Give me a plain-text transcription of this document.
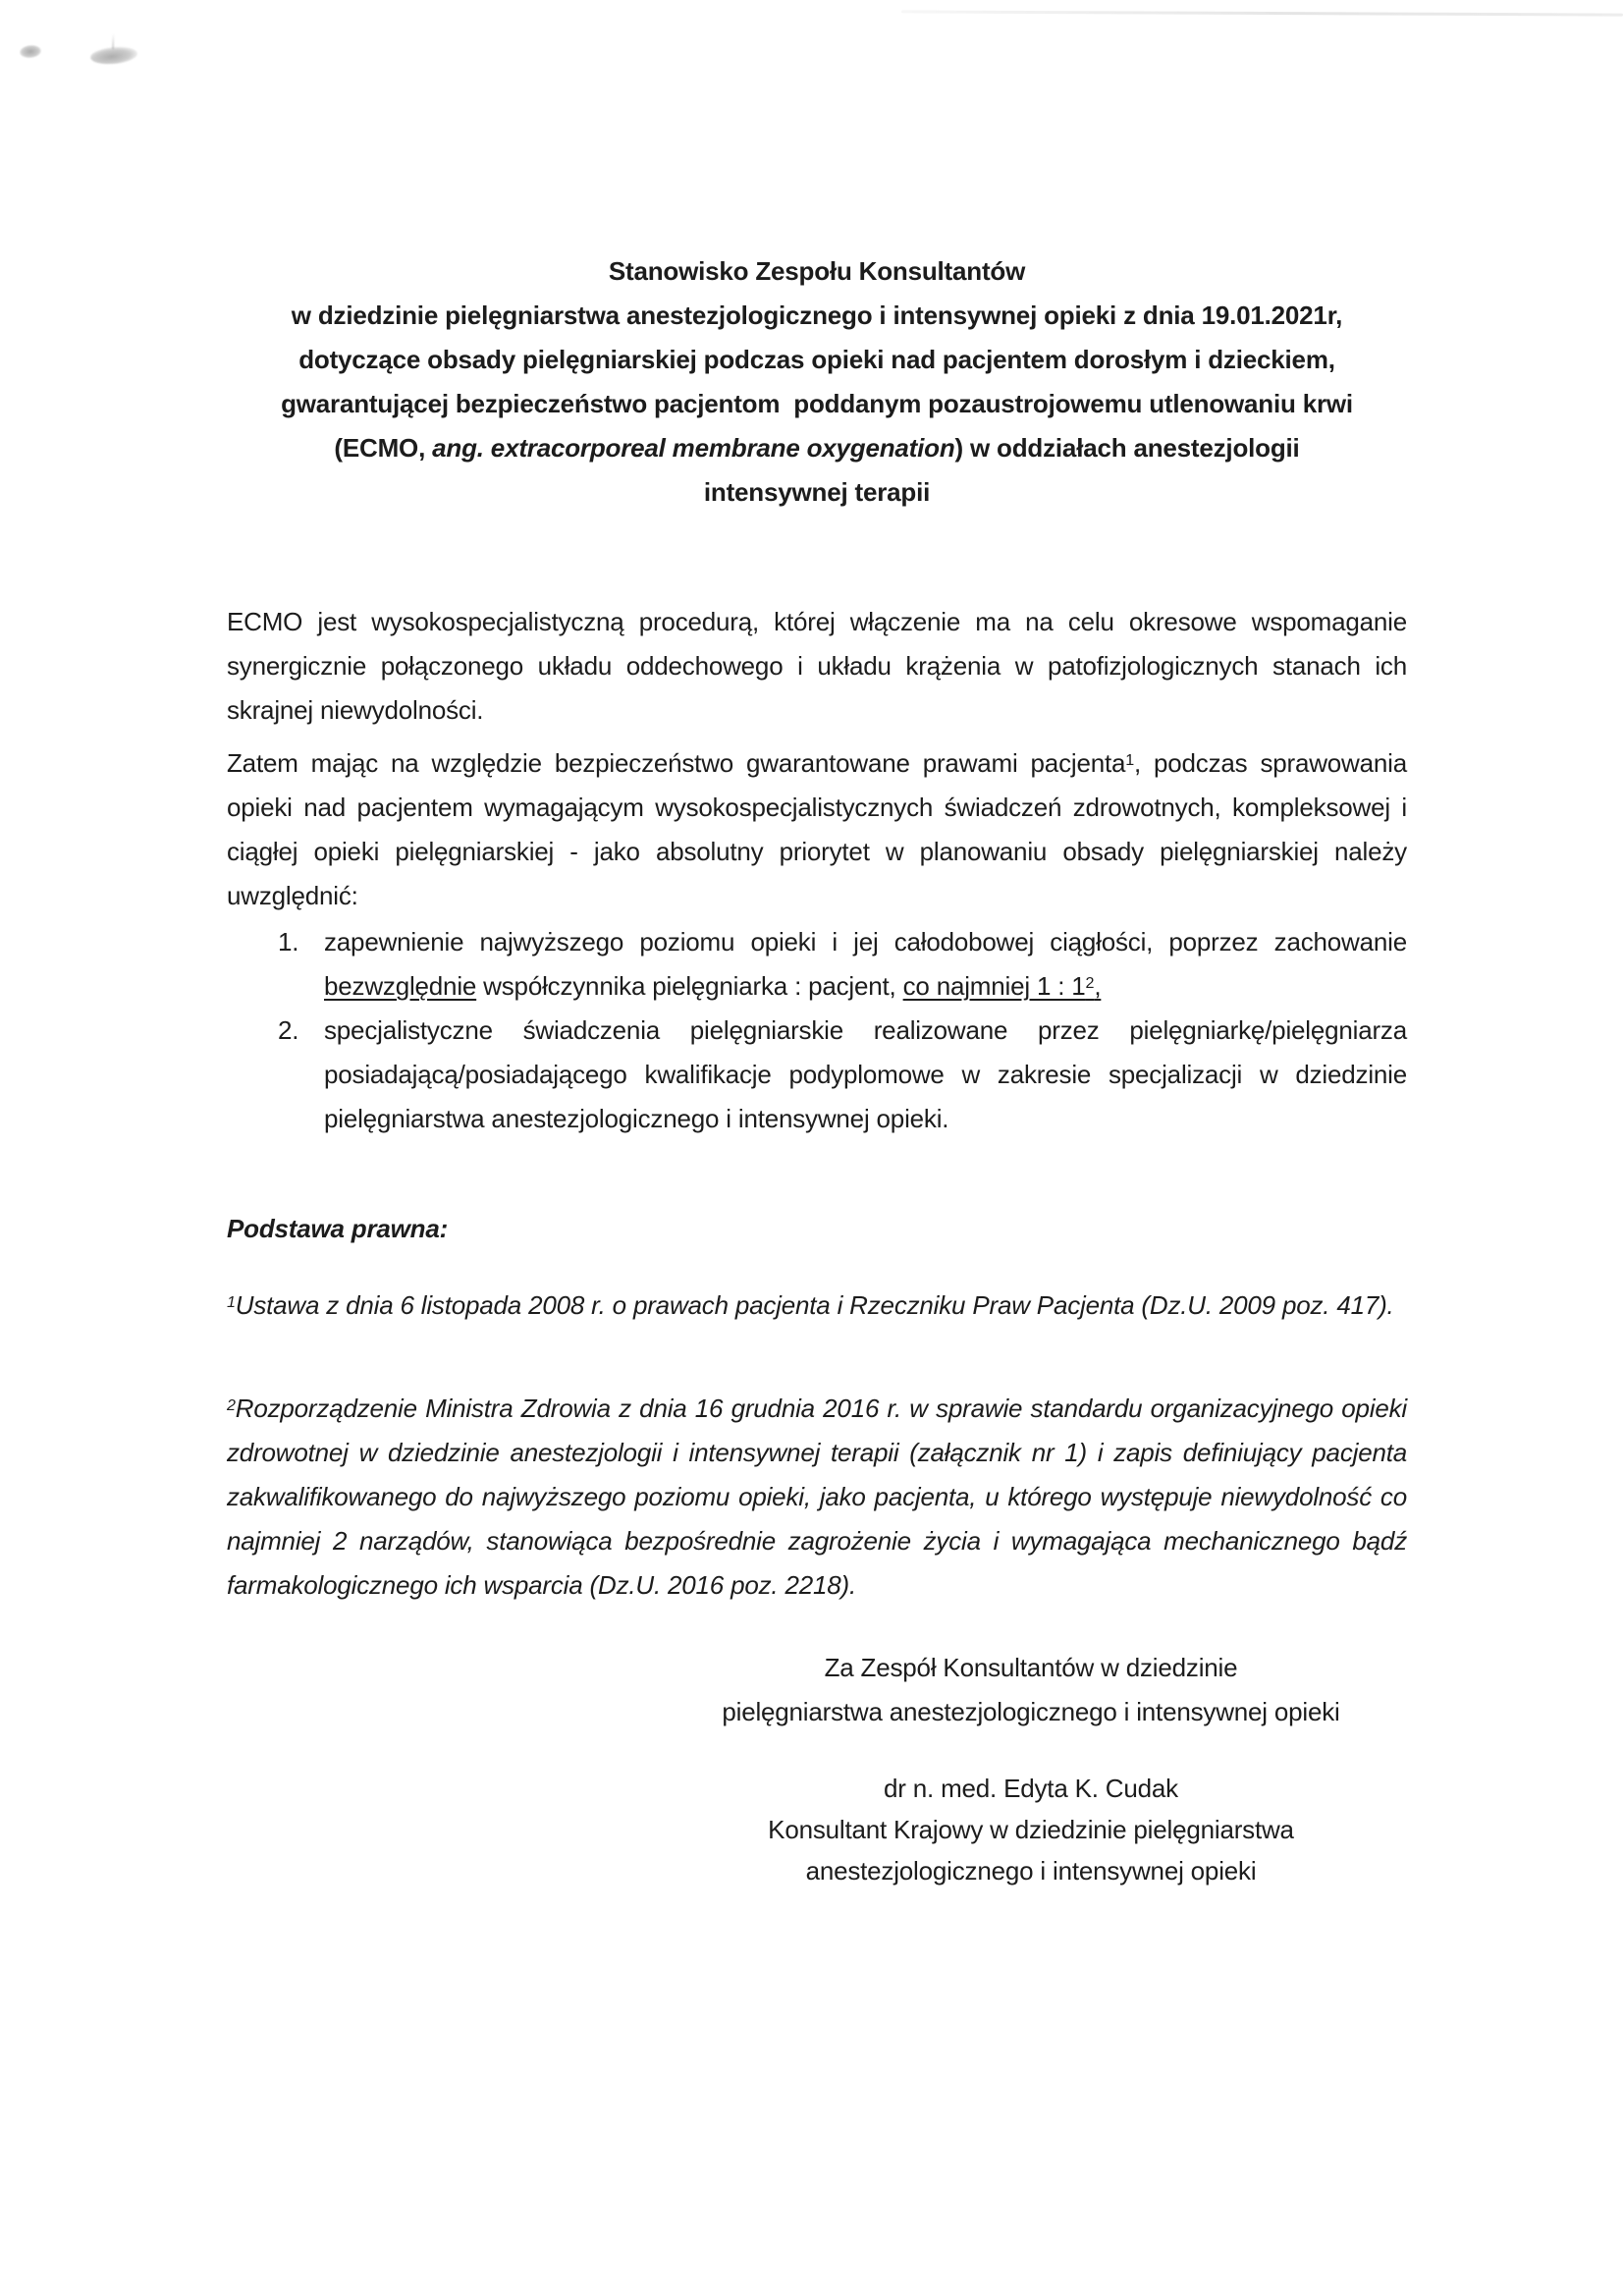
Stanowisko Zespołu Konsultantów
w dziedzinie pielęgniarstwa anestezjologicznego i intensywnej opieki z dnia 19.01.2021r,
dotyczące obsady pielęgniarskiej podczas opieki nad pacjentem dorosłym i dzieckiem,
gwarantującej bezpieczeństwo pacjentom  poddanym pozaustrojowemu utlenowaniu krwi
(ECMO, ang. extracorporeal membrane oxygenation) w oddziałach anestezjologii
intensywnej terapii

ECMO jest wysokospecjalistyczną procedurą, której włączenie ma na celu okresowe wspomaganie synergicznie połączonego układu oddechowego i układu krążenia w patofizjologicznych stanach ich skrajnej niewydolności.

Zatem mając na względzie bezpieczeństwo gwarantowane prawami pacjenta$^1$, podczas sprawowania opieki nad pacjentem wymagającym wysokospecjalistycznych świadczeń zdrowotnych, kompleksowej i ciągłej opieki pielęgniarskiej - jako absolutny priorytet w planowaniu obsady pielęgniarskiej należy uwzględnić:

1. zapewnienie najwyższego poziomu opieki i jej całodobowej ciągłości, poprzez zachowanie bezwzględnie współczynnika pielęgniarka : pacjent, co najmniej 1 : $1^2$,
2. specjalistyczne świadczenia pielęgniarskie realizowane przez pielęgniarkę/pielęgniarza posiadającą/posiadającego kwalifikacje podyplomowe w zakresie specjalizacji w dziedzinie pielęgniarstwa anestezjologicznego i intensywnej opieki.
Podstawa prawna:

$^1$Ustawa z dnia 6 listopada 2008 r. o prawach pacjenta i Rzeczniku Praw Pacjenta (Dz.U. 2009 poz. 417).

$^2$Rozporządzenie Ministra Zdrowia z dnia 16 grudnia 2016 r. w sprawie standardu organizacyjnego opieki zdrowotnej w dziedzinie anestezjologii i intensywnej terapii (załącznik nr 1) i zapis definiujący pacjenta zakwalifikowanego do najwyższego poziomu opieki, jako pacjenta, u którego występuje niewydolność co najmniej 2 narządów, stanowiąca bezpośrednie zagrożenie życia i wymagająca mechanicznego bądź farmakologicznego ich wsparcia (Dz.U. 2016 poz. 2218).

Za Zespół Konsultantów w dziedzinie
pielęgniarstwa anestezjologicznego i intensywnej opieki
dr n. med. Edyta K. Cudak
Konsultant Krajowy w dziedzinie pielęgniarstwa
anestezjologicznego i intensywnej opieki
